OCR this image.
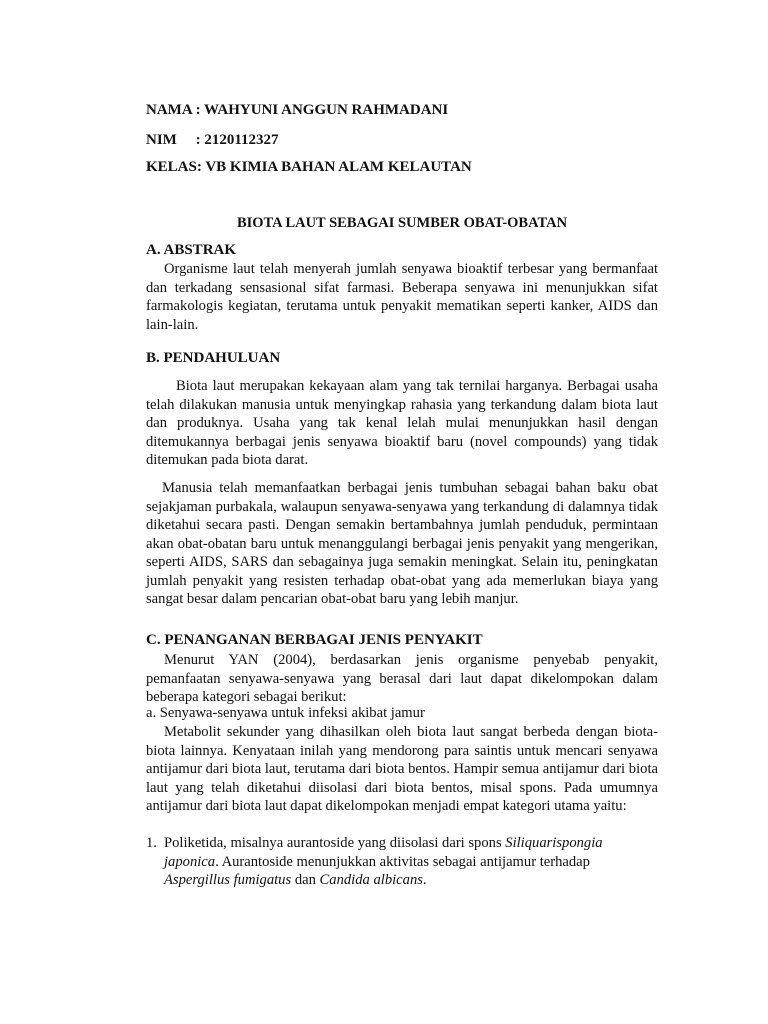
NAMA : WAHYUNI ANGGUN RAHMADANI
NIM     : 2120112327
KELAS: VB KIMIA BAHAN ALAM KELAUTAN
BIOTA LAUT SEBAGAI SUMBER OBAT-OBATAN
A. ABSTRAK

Organisme laut telah menyerah jumlah senyawa bioaktif terbesar yang bermanfaat dan terkadang sensasional sifat farmasi. Beberapa senyawa ini menunjukkan sifat farmakologis kegiatan, terutama untuk penyakit mematikan seperti kanker, AIDS dan lain-lain.

B. PENDAHULUAN

Biota laut merupakan kekayaan alam yang tak ternilai harganya. Berbagai usaha telah dilakukan manusia untuk menyingkap rahasia yang terkandung dalam biota laut dan produknya. Usaha yang tak kenal lelah mulai menunjukkan hasil dengan ditemukannya berbagai jenis senyawa bioaktif baru (novel compounds) yang tidak ditemukan pada biota darat.

Manusia telah memanfaatkan berbagai jenis tumbuhan sebagai bahan baku obat sejakjaman purbakala, walaupun senyawa-senyawa yang terkandung di dalamnya tidak diketahui secara pasti. Dengan semakin bertambahnya jumlah penduduk, permintaan akan obat-obatan baru untuk menanggulangi berbagai jenis penyakit yang mengerikan, seperti AIDS, SARS dan sebagainya juga semakin meningkat. Selain itu, peningkatan jumlah penyakit yang resisten terhadap obat-obat yang ada memerlukan biaya yang sangat besar dalam pencarian obat-obat baru yang lebih manjur.

C. PENANGANAN BERBAGAI JENIS PENYAKIT

Menurut YAN (2004), berdasarkan jenis organisme penyebab penyakit, pemanfaatan senyawa-senyawa yang berasal dari laut dapat dikelompokan dalam beberapa kategori sebagai berikut:

a. Senyawa-senyawa untuk infeksi akibat jamur

Metabolit sekunder yang dihasilkan oleh biota laut sangat berbeda dengan biota-biota lainnya. Kenyataan inilah yang mendorong para saintis untuk mencari senyawa antijamur dari biota laut, terutama dari biota bentos. Hampir semua antijamur dari biota laut yang telah diketahui diisolasi dari biota bentos, misal spons. Pada umumnya antijamur dari biota laut dapat dikelompokan menjadi empat kategori utama yaitu:

1. Poliketida, misalnya aurantoside yang diisolasi dari spons Siliquarispongia japonica. Aurantoside menunjukkan aktivitas sebagai antijamur terhadap Aspergillus fumigatus dan Candida albicans.
